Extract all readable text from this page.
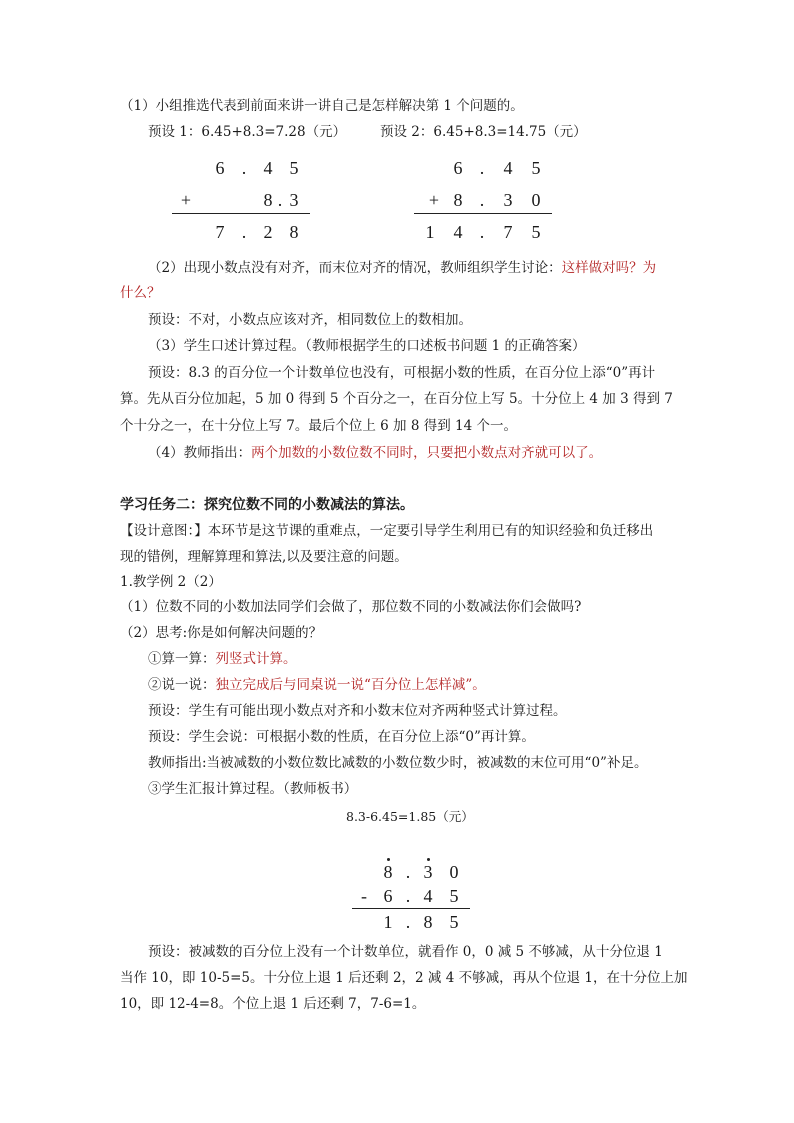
（1）小组推选代表到前面来讲一讲自己是怎样解决第 1 个问题的。
预设 1：6.45+8.3=7.28（元）	预设 2：6.45+8.3=14.75（元）
6 . 4 5
+	8 . 3
7 . 2 8
6 .	4	5
+ 8 .	3	0
1	4 .	7	5
（2）出现小数点没有对齐，而末位对齐的情况，教师组织学生讨论：这样做对吗？为
什么？
预设：不对，小数点应该对齐，相同数位上的数相加。
（3）学生口述计算过程。（教师根据学生的口述板书问题 1 的正确答案）
预设：8.3 的百分位一个计数单位也没有，可根据小数的性质，在百分位上添“0”再计
算。先从百分位加起，5 加 0 得到 5 个百分之一，在百分位上写 5。十分位上 4 加 3 得到 7
个十分之一，在十分位上写 7。最后个位上 6 加 8 得到 14 个一。
（4）教师指出：两个加数的小数位数不同时，只要把小数点对齐就可以了。
学习任务二：探究位数不同的小数减法的算法。
【设计意图：】本环节是这节课的重难点，一定要引导学生利用已有的知识经验和负迁移出
现的错例，理解算理和算法,以及要注意的问题。
1.教学例 2（2）
（1）位数不同的小数加法同学们会做了，那位数不同的小数减法你们会做吗?
（2）思考:你是如何解决问题的？
①算一算：列竖式计算。
②说一说：独立完成后与同桌说一说“百分位上怎样减”。
预设：学生有可能出现小数点对齐和小数末位对齐两种竖式计算过程。
预设：学生会说：可根据小数的性质，在百分位上添“0”再计算。
教师指出:当被减数的小数位数比减数的小数位数少时，被减数的末位可用“0”补足。
③学生汇报计算过程。（教师板书）
8.3-6.45=1.85（元）
8 . 3 0
- 6 . 4 5
1 . 8 5
预设：被减数的百分位上没有一个计数单位，就看作 0，0 减 5 不够减，从十分位退 1
当作 10，即 10-5=5。十分位上退 1 后还剩 2，2 减 4 不够减，再从个位退 1，在十分位上加
10，即 12-4=8。个位上退 1 后还剩 7，7-6=1。
